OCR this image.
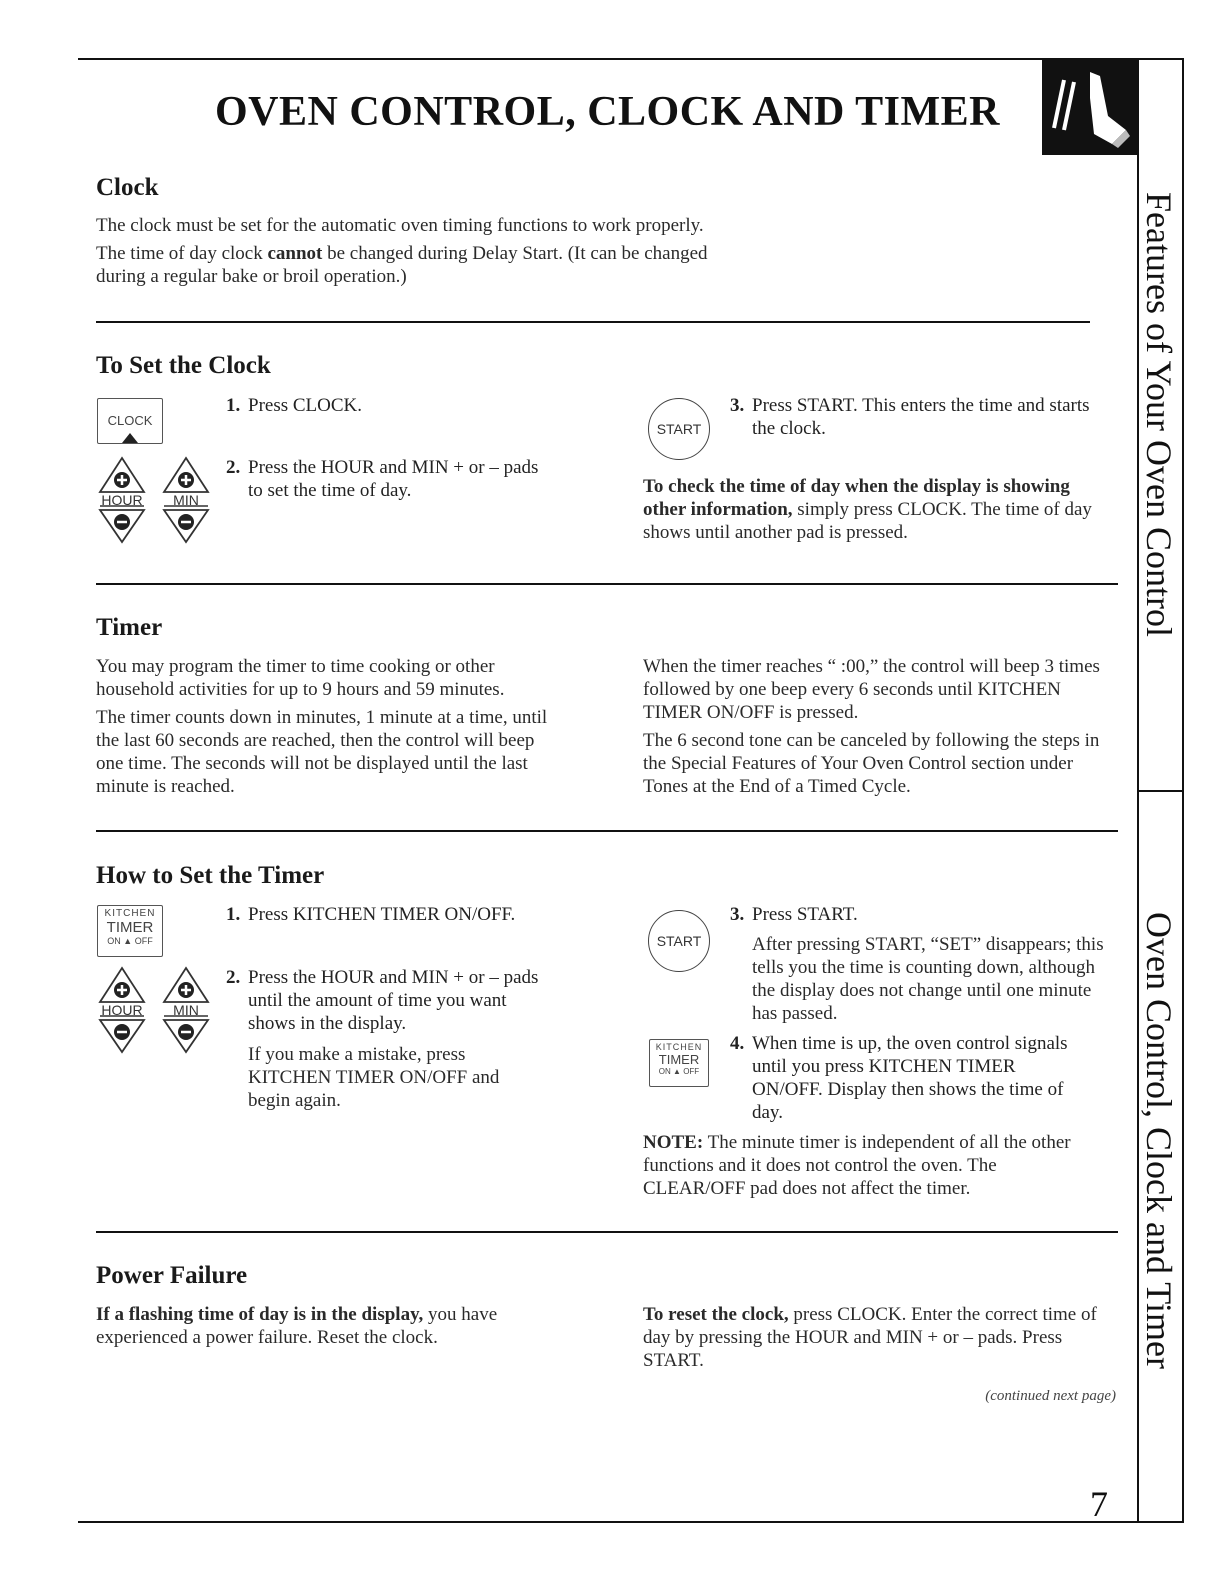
OVEN CONTROL, CLOCK AND TIMER
Features of Your Oven Control
Oven Control, Clock and Timer
Clock

The clock must be set for the automatic oven timing functions to work properly.

The time of day clock cannot be changed during Delay Start. (It can be changed during a regular bake or broil operation.)

To Set the Clock
CLOCK
1. Press CLOCK.
HOUR	MIN
2. Press the HOUR and MIN + or – pads to set the time of day.
START
3. Press START. This enters the time and starts the clock.

To check the time of day when the display is showing other information, simply press CLOCK. The time of day shows until another pad is pressed.

Timer

You may program the timer to time cooking or other household activities for up to 9 hours and 59 minutes.

The timer counts down in minutes, 1 minute at a time, until the last 60 seconds are reached, then the control will beep one time. The seconds will not be displayed until the last minute is reached.

When the timer reaches “ :00,” the control will beep 3 times followed by one beep every 6 seconds until KITCHEN TIMER ON/OFF is pressed.

The 6 second tone can be canceled by following the steps in the Special Features of Your Oven Control section under Tones at the End of a Timed Cycle.

How to Set the Timer
KITCHEN
TIMER
ON ▲ OFF
1. Press KITCHEN TIMER ON/OFF.
HOUR	MIN
2. Press the HOUR and MIN + or – pads until the amount of time you want shows in the display.

If you make a mistake, press KITCHEN TIMER ON/OFF and begin again.

START
3. Press START.

After pressing START, “SET” disappears; this tells you the time is counting down, although the display does not change until one minute has passed.

KITCHEN
TIMER
ON ▲ OFF
4. When time is up, the oven control signals until you press KITCHEN TIMER ON/OFF. Display then shows the time of day.

NOTE: The minute timer is independent of all the other functions and it does not control the oven. The CLEAR/OFF pad does not affect the timer.

Power Failure

If a flashing time of day is in the display, you have experienced a power failure. Reset the clock.

To reset the clock, press CLOCK. Enter the correct time of day by pressing the HOUR and MIN + or – pads. Press START.

(continued next page)
7
